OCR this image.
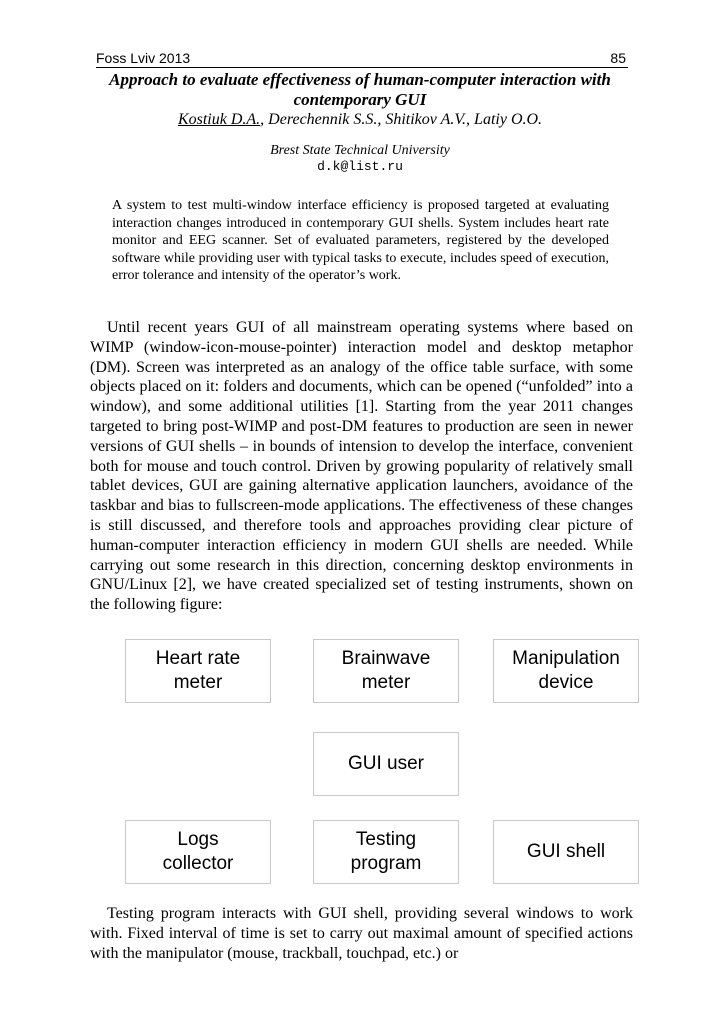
Foss Lviv 2013	85
Approach to evaluate effectiveness of human-computer interaction with contemporary GUI
Kostiuk D.A., Derechennik S.S., Shitikov A.V., Latiy O.O.
Brest State Technical University
d.k@list.ru

A system to test multi-window interface efficiency is proposed targeted at evaluating interaction changes introduced in contemporary GUI shells. System includes heart rate monitor and EEG scanner. Set of evaluated parameters, registered by the developed software while providing user with typical tasks to execute, includes speed of execution, error tolerance and intensity of the operator’s work.

Until recent years GUI of all mainstream operating systems where based on WIMP (window-icon-mouse-pointer) interaction model and desktop metaphor (DM). Screen was interpreted as an analogy of the office table surface, with some objects placed on it: folders and documents, which can be opened (“unfolded” into a window), and some additional utilities [1]. Starting from the year 2011 changes targeted to bring post-WIMP and post-DM features to production are seen in newer versions of GUI shells – in bounds of intension to develop the interface, convenient both for mouse and touch control. Driven by growing popularity of relatively small tablet devices, GUI are gaining alternative application launchers, avoidance of the taskbar and bias to fullscreen-mode applications. The effectiveness of these changes is still discussed, and therefore tools and approaches providing clear picture of human-computer interaction efficiency in modern GUI shells are needed. While carrying out some research in this direction, concerning desktop environments in GNU/Linux [2], we have created specialized set of testing instruments, shown on the following figure:

Heart rate
meter
Brainwave
meter
Manipulation
device
GUI user
Logs
collector
Testing
program
GUI shell

Testing program interacts with GUI shell, providing several windows to work with. Fixed interval of time is set to carry out maximal amount of specified actions with the manipulator (mouse, trackball, touchpad, etc.) or
